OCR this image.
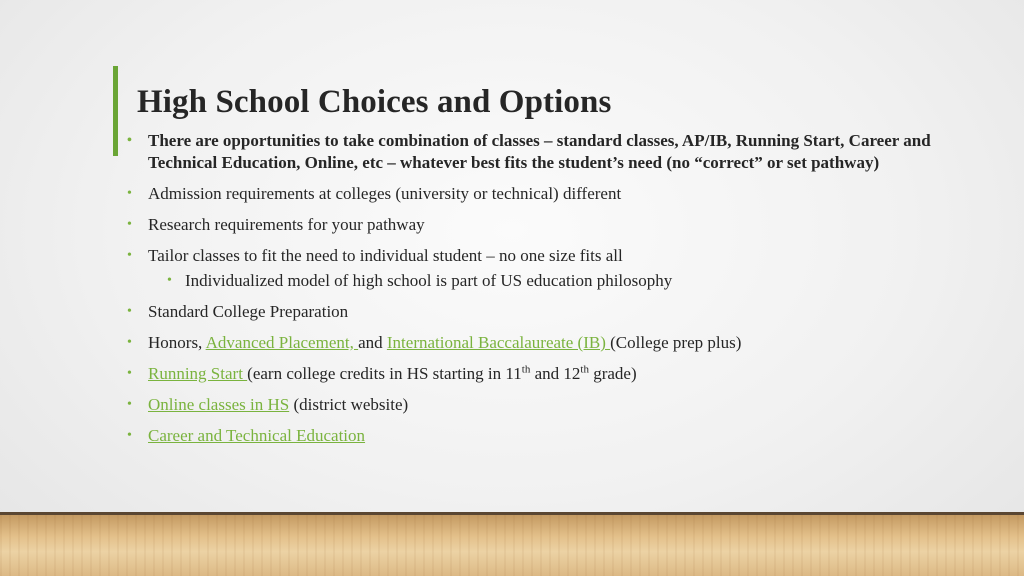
High School Choices and Options
• There are opportunities to take combination of classes – standard classes, AP/IB, Running Start, Career and Technical Education, Online, etc – whatever best fits the student’s need (no “correct” or set pathway)
• Admission requirements at colleges (university or technical) different
• Research requirements for your pathway
• Tailor classes to fit the need to individual student – no one size fits all
• Individualized model of high school is part of US education philosophy
• Standard College Preparation
• Honors, Advanced Placement, and International Baccalaureate (IB) (College prep plus)
• Running Start (earn college credits in HS starting in 11th and 12th grade)
• Online classes in HS (district website)
• Career and Technical Education
